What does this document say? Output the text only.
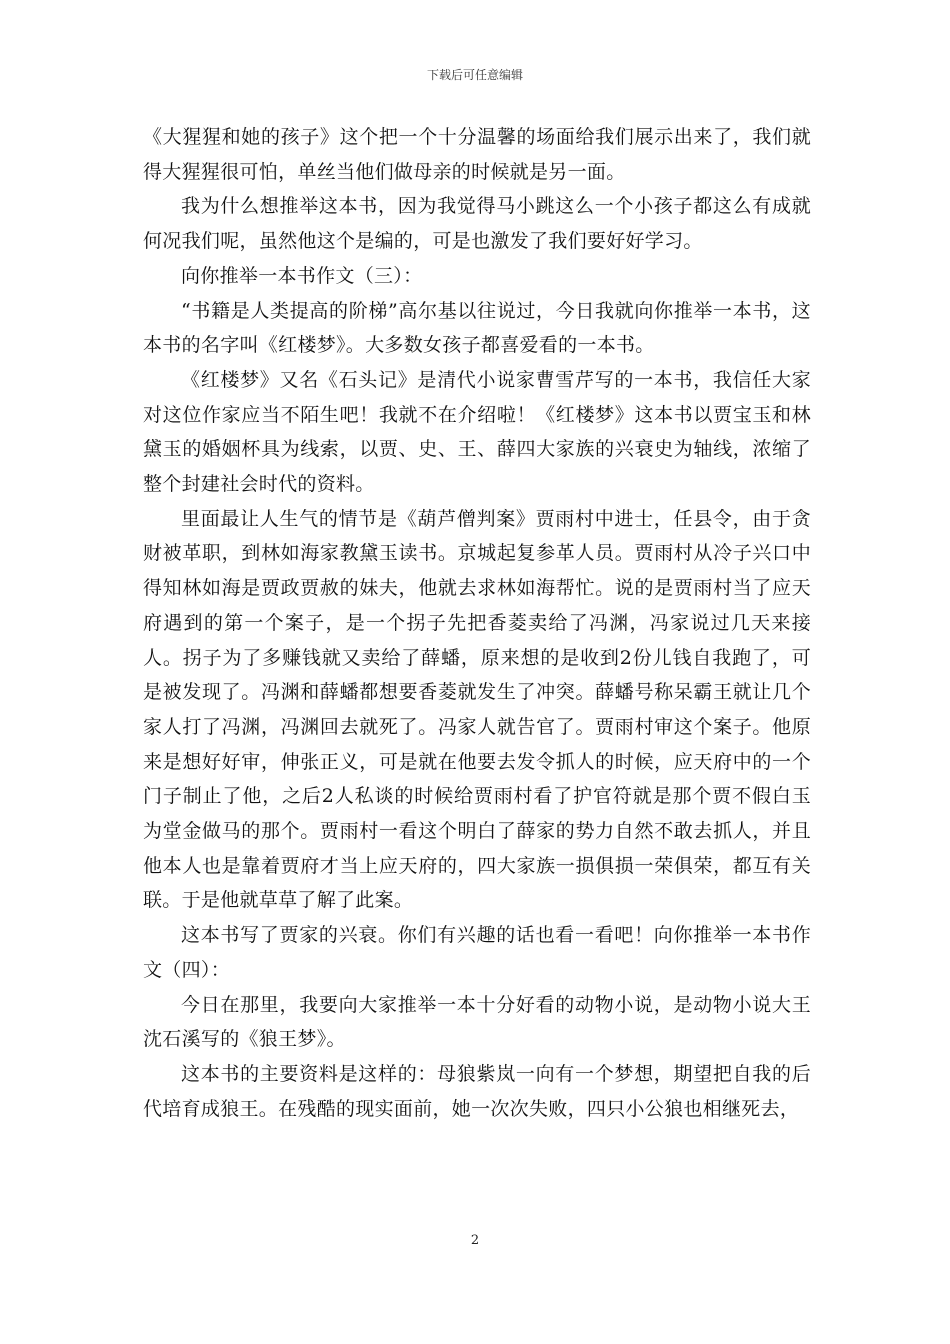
下载后可任意编辑

《大猩猩和她的孩子》这个把一个十分温馨的场面给我们展示出来了，我们就得大猩猩很可怕，单丝当他们做母亲的时候就是另一面。

我为什么想推举这本书，因为我觉得马小跳这么一个小孩子都这么有成就何况我们呢，虽然他这个是编的，可是也激发了我们要好好学习。

向你推举一本书作文（三）：

“书籍是人类提高的阶梯”高尔基以往说过，今日我就向你推举一本书，这本书的名字叫《红楼梦》。大多数女孩子都喜爱看的一本书。

《红楼梦》又名《石头记》是清代小说家曹雪芹写的一本书，我信任大家对这位作家应当不陌生吧！我就不在介绍啦！《红楼梦》这本书以贾宝玉和林黛玉的婚姻杯具为线索，以贾、史、王、薛四大家族的兴衰史为轴线，浓缩了整个封建社会时代的资料。

里面最让人生气的情节是《葫芦僧判案》贾雨村中进士，任县令，由于贪财被革职，到林如海家教黛玉读书。京城起复参革人员。贾雨村从冷子兴口中得知林如海是贾政贾赦的妹夫，他就去求林如海帮忙。说的是贾雨村当了应天府遇到的第一个案子，是一个拐子先把香菱卖给了冯渊，冯家说过几天来接人。拐子为了多赚钱就又卖给了薛蟠，原来想的是收到2份儿钱自我跑了，可是被发现了。冯渊和薛蟠都想要香菱就发生了冲突。薛蟠号称呆霸王就让几个家人打了冯渊，冯渊回去就死了。冯家人就告官了。贾雨村审这个案子。他原来是想好好审，伸张正义，可是就在他要去发令抓人的时候，应天府中的一个门子制止了他，之后2人私谈的时候给贾雨村看了护官符就是那个贾不假白玉为堂金做马的那个。贾雨村一看这个明白了薛家的势力自然不敢去抓人，并且他本人也是靠着贾府才当上应天府的，四大家族一损俱损一荣俱荣，都互有关联。于是他就草草了解了此案。

这本书写了贾家的兴衰。你们有兴趣的话也看一看吧！向你推举一本书作文（四）：

今日在那里，我要向大家推举一本十分好看的动物小说，是动物小说大王沈石溪写的《狼王梦》。

这本书的主要资料是这样的：母狼紫岚一向有一个梦想，期望把自我的后代培育成狼王。在残酷的现实面前，她一次次失败，四只小公狼也相继死去，

2
